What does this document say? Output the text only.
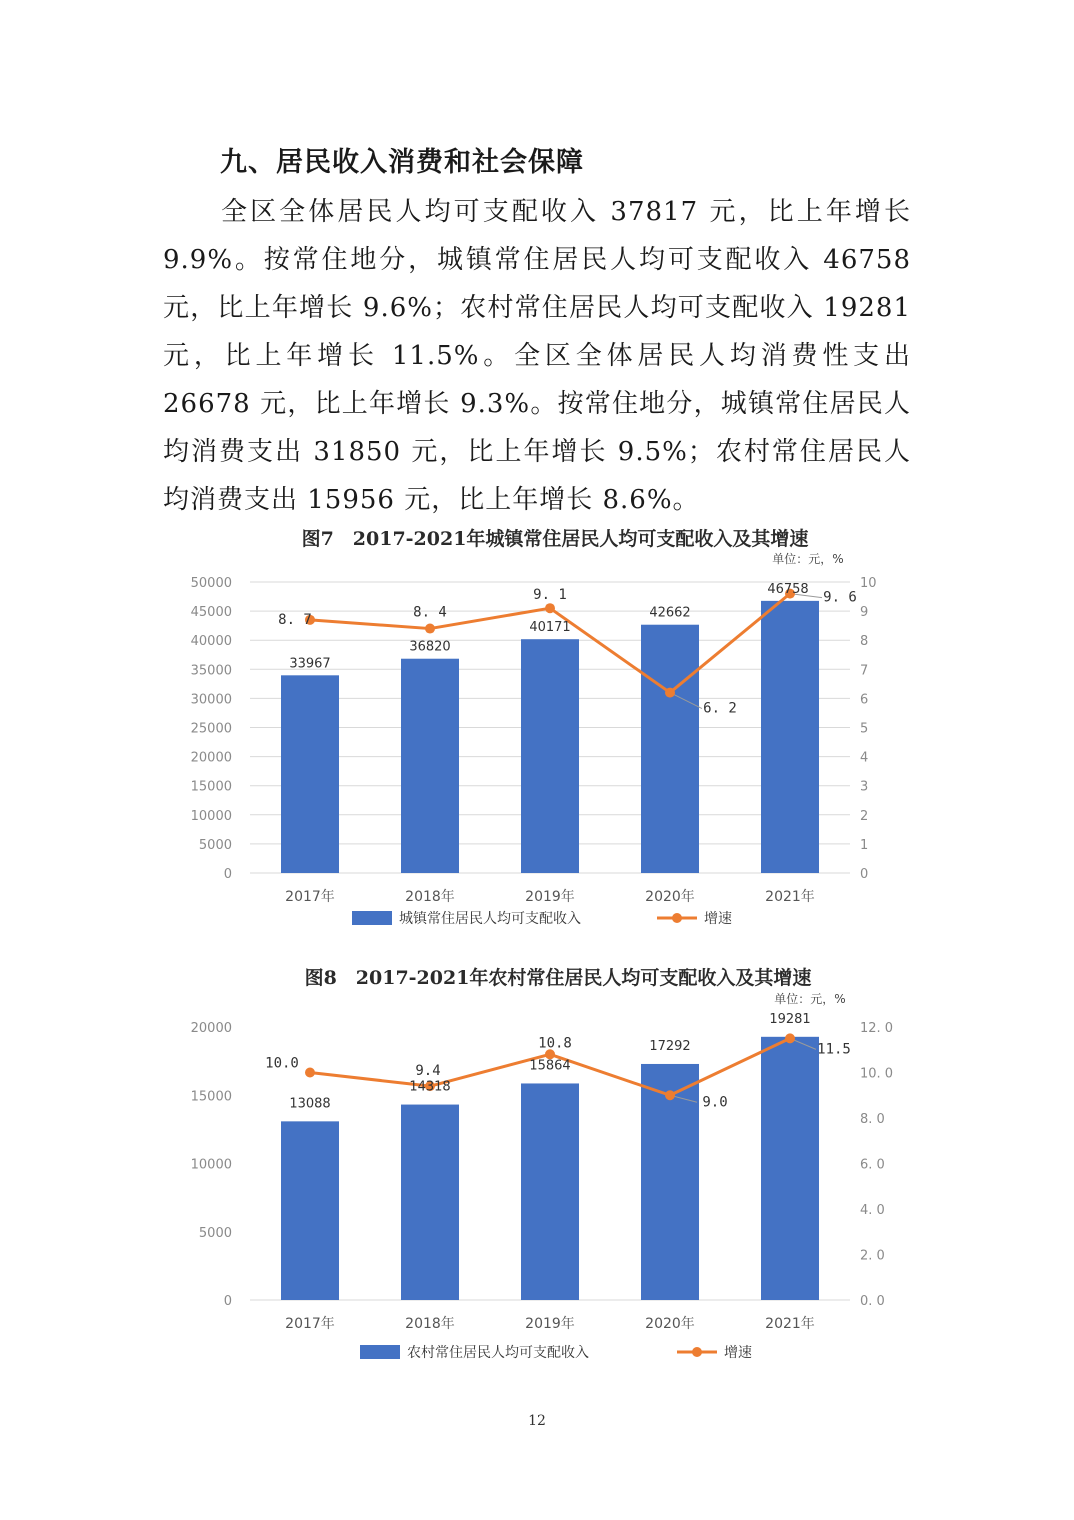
九、居民收入消费和社会保障
全区全体居民人均可支配收入 37817 元，比上年增长 9.9%。按常住地分，城镇常住居民人均可支配收入 46758 元，比上年增长 9.6%；农村常住居民人均可支配收入 19281 元，比上年增长 11.5%。全区全体居民人均消费性支出 26678 元，比上年增长 9.3%。按常住地分，城镇常住居民人均消费支出 31850 元，比上年增长 9.5%；农村常住居民人均消费支出 15956 元，比上年增长 8.6%。
图7　2017-2021年城镇常住居民人均可支配收入及其增速
单位：元，%
0
5000
10000
15000
20000
25000
30000
35000
40000
45000
50000
0
1
2
3
4
5
6
7
8
9
10
2017年	2018年	2019年	2020年	2021年
33967
36820
40171
42662
46758
8. 7	8. 4
9. 1
6. 2
9. 6
城镇常住居民人均可支配收入	增速
图8　2017-2021年农村常住居民人均可支配收入及其增速
单位：元，%
0
5000
10000
15000
20000
0. 0
2. 0
4. 0
6. 0
8. 0
10. 0
12. 0
2017年	2018年	2019年	2020年	2021年
13088
14318
15864
17292
19281
10.0	9.4
10.8
9.0
11.5
农村常住居民人均可支配收入	增速
12
